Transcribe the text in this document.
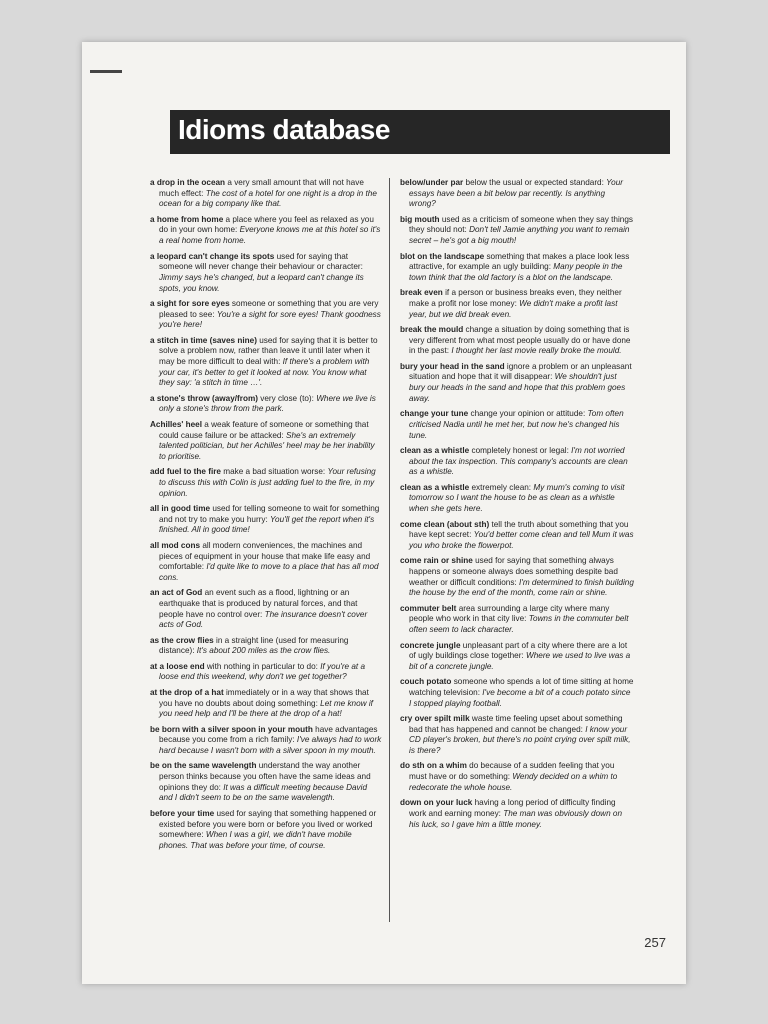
Idioms database

a drop in the ocean a very small amount that will not have much effect: The cost of a hotel for one night is a drop in the ocean for a big company like that.

a home from home a place where you feel as relaxed as you do in your own home: Everyone knows me at this hotel so it's a real home from home.

a leopard can't change its spots used for saying that someone will never change their behaviour or character: Jimmy says he's changed, but a leopard can't change its spots, you know.

a sight for sore eyes someone or something that you are very pleased to see: You're a sight for sore eyes! Thank goodness you're here!

a stitch in time (saves nine) used for saying that it is better to solve a problem now, rather than leave it until later when it may be more difficult to deal with: If there's a problem with your car, it's better to get it looked at now. You know what they say: 'a stitch in time …'.

a stone's throw (away/from) very close (to): Where we live is only a stone's throw from the park.

Achilles' heel a weak feature of someone or something that could cause failure or be attacked: She's an extremely talented politician, but her Achilles' heel may be her inability to prioritise.

add fuel to the fire make a bad situation worse: Your refusing to discuss this with Colin is just adding fuel to the fire, in my opinion.

all in good time used for telling someone to wait for something and not try to make you hurry: You'll get the report when it's finished. All in good time!

all mod cons all modern conveniences, the machines and pieces of equipment in your house that make life easy and comfortable: I'd quite like to move to a place that has all mod cons.

an act of God an event such as a flood, lightning or an earthquake that is produced by natural forces, and that people have no control over: The insurance doesn't cover acts of God.

as the crow flies in a straight line (used for measuring distance): It's about 200 miles as the crow flies.

at a loose end with nothing in particular to do: If you're at a loose end this weekend, why don't we get together?

at the drop of a hat immediately or in a way that shows that you have no doubts about doing something: Let me know if you need help and I'll be there at the drop of a hat!

be born with a silver spoon in your mouth have advantages because you come from a rich family: I've always had to work hard because I wasn't born with a silver spoon in my mouth.

be on the same wavelength understand the way another person thinks because you often have the same ideas and opinions they do: It was a difficult meeting because David and I didn't seem to be on the same wavelength.

before your time used for saying that something happened or existed before you were born or before you lived or worked somewhere: When I was a girl, we didn't have mobile phones. That was before your time, of course.

below/under par below the usual or expected standard: Your essays have been a bit below par recently. Is anything wrong?

big mouth used as a criticism of someone when they say things they should not: Don't tell Jamie anything you want to remain secret – he's got a big mouth!

blot on the landscape something that makes a place look less attractive, for example an ugly building: Many people in the town think that the old factory is a blot on the landscape.

break even if a person or business breaks even, they neither make a profit nor lose money: We didn't make a profit last year, but we did break even.

break the mould change a situation by doing something that is very different from what most people usually do or have done in the past: I thought her last movie really broke the mould.

bury your head in the sand ignore a problem or an unpleasant situation and hope that it will disappear: We shouldn't just bury our heads in the sand and hope that this problem goes away.

change your tune change your opinion or attitude: Tom often criticised Nadia until he met her, but now he's changed his tune.

clean as a whistle completely honest or legal: I'm not worried about the tax inspection. This company's accounts are clean as a whistle.

clean as a whistle extremely clean: My mum's coming to visit tomorrow so I want the house to be as clean as a whistle when she gets here.

come clean (about sth) tell the truth about something that you have kept secret: You'd better come clean and tell Mum it was you who broke the flowerpot.

come rain or shine used for saying that something always happens or someone always does something despite bad weather or difficult conditions: I'm determined to finish building the house by the end of the month, come rain or shine.

commuter belt area surrounding a large city where many people who work in that city live: Towns in the commuter belt often seem to lack character.

concrete jungle unpleasant part of a city where there are a lot of ugly buildings close together: Where we used to live was a bit of a concrete jungle.

couch potato someone who spends a lot of time sitting at home watching television: I've become a bit of a couch potato since I stopped playing football.

cry over spilt milk waste time feeling upset about something bad that has happened and cannot be changed: I know your CD player's broken, but there's no point crying over spilt milk, is there?

do sth on a whim do because of a sudden feeling that you must have or do something: Wendy decided on a whim to redecorate the whole house.

down on your luck having a long period of difficulty finding work and earning money: The man was obviously down on his luck, so I gave him a little money.

257
